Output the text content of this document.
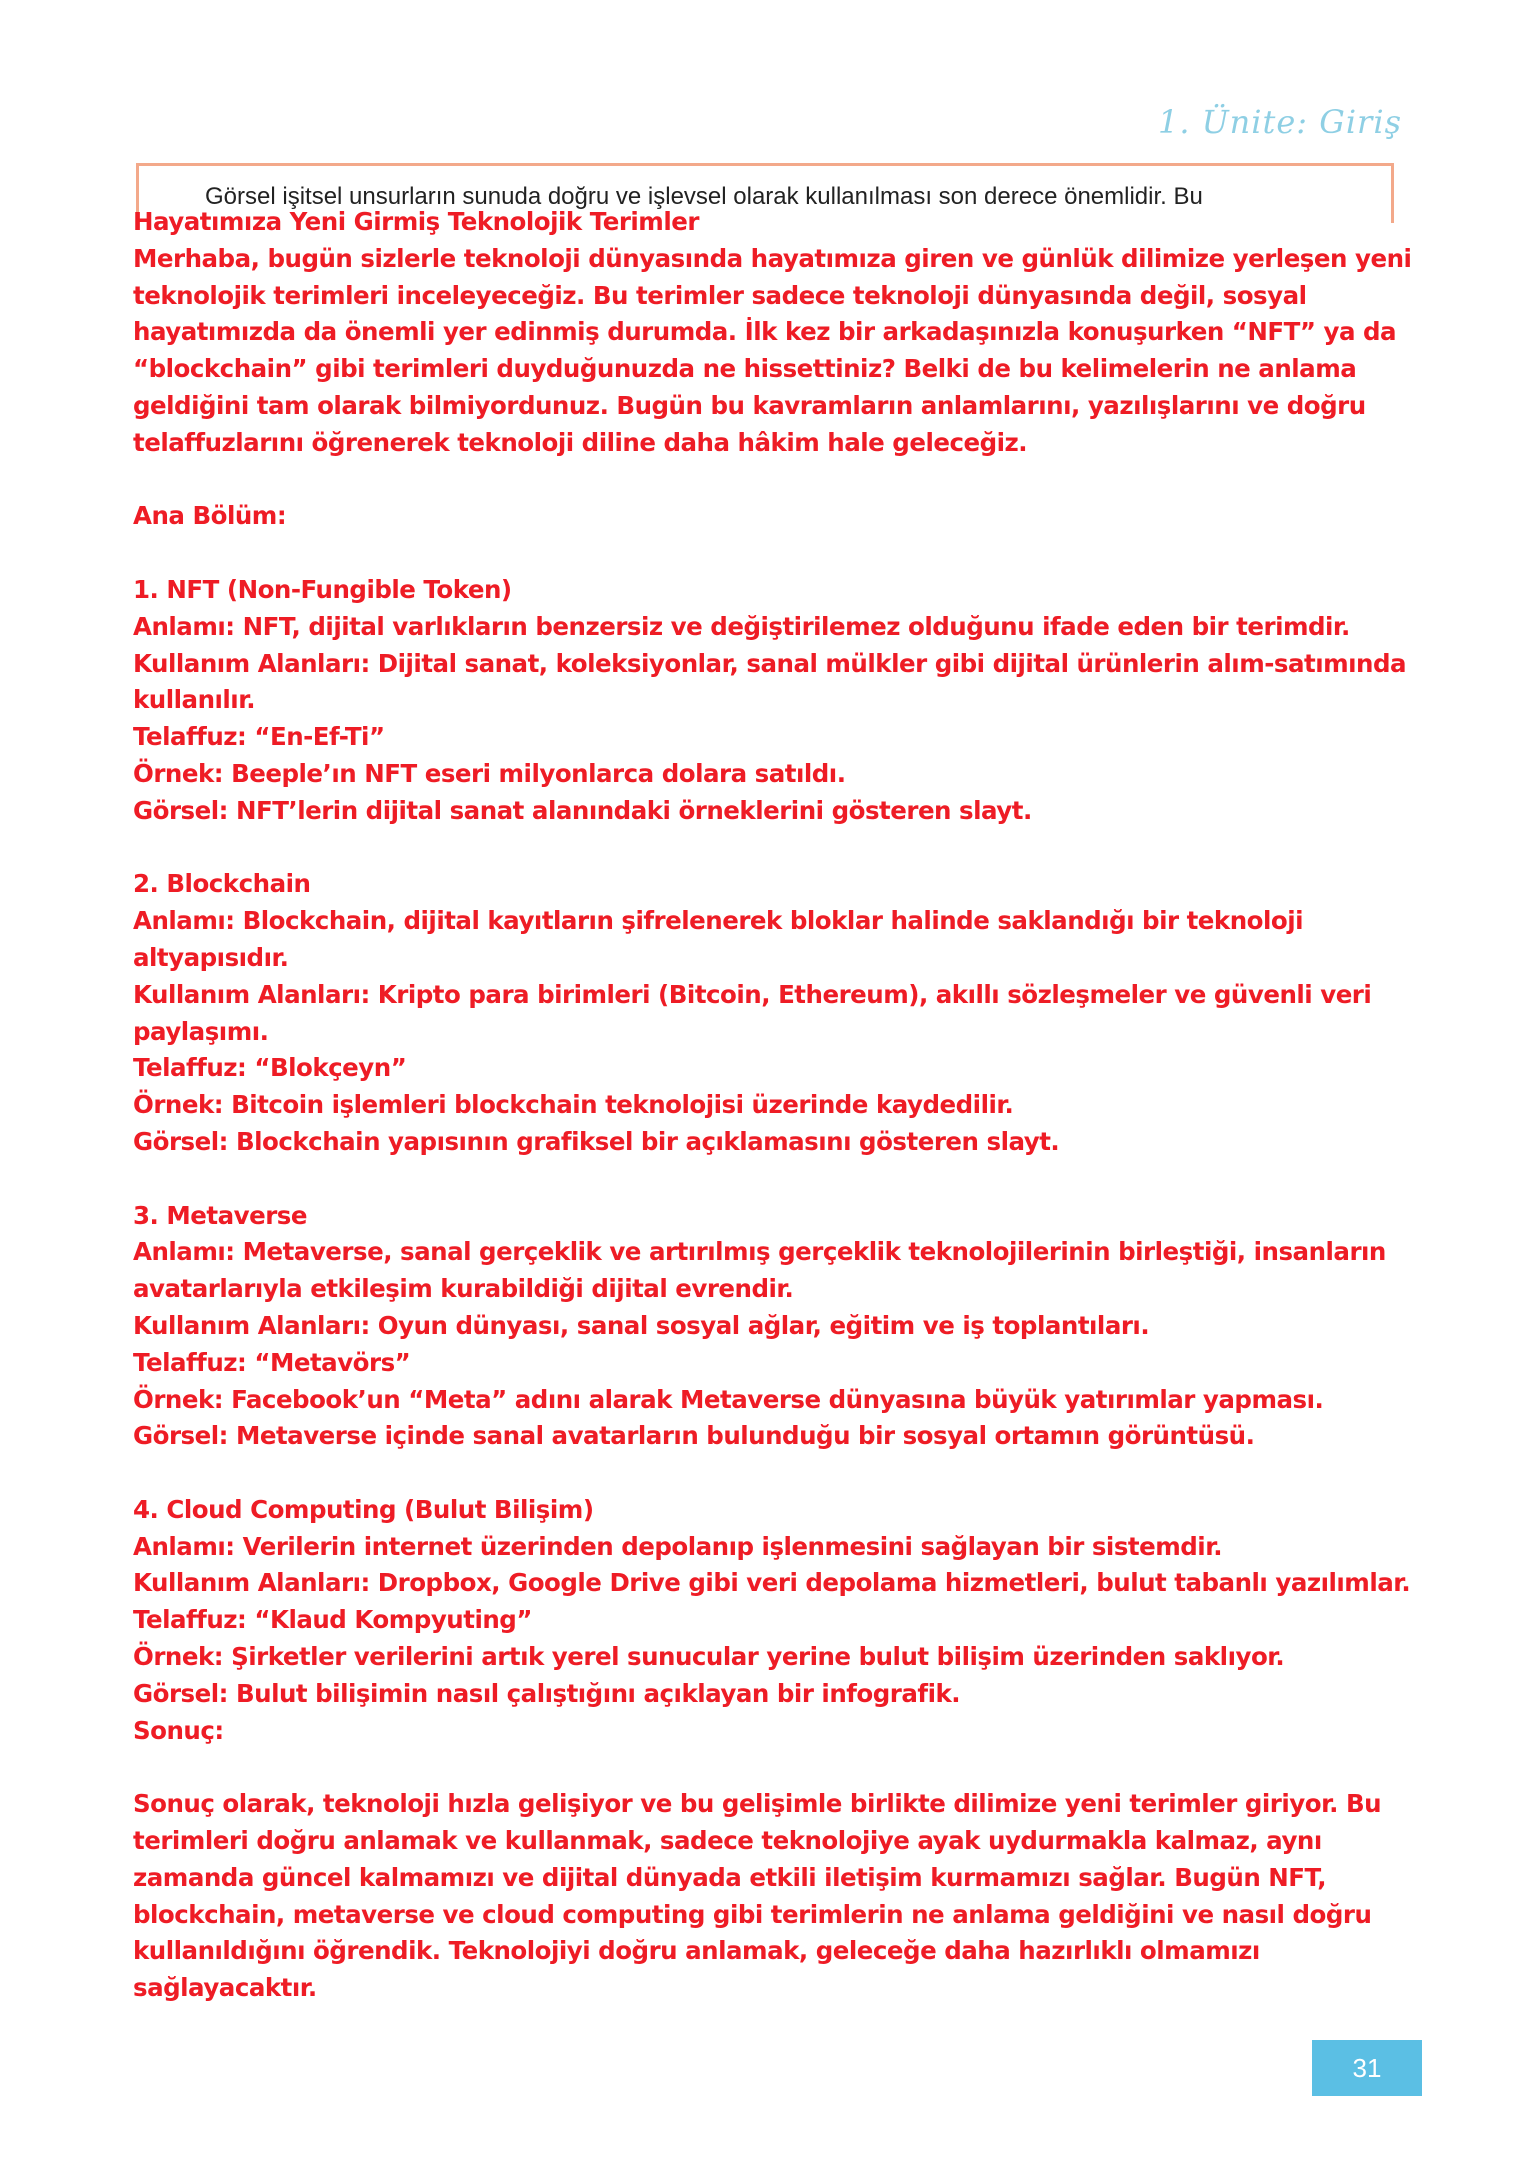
1. Ünite: Giriş
Görsel işitsel unsurların sunuda doğru ve işlevsel olarak kullanılması son derece önemlidir. Bu
Hayatımıza Yeni Girmiş Teknolojik Terimler
Merhaba, bugün sizlerle teknoloji dünyasında hayatımıza giren ve günlük dilimize yerleşen yeni
teknolojik terimleri inceleyeceğiz. Bu terimler sadece teknoloji dünyasında değil, sosyal
hayatımızda da önemli yer edinmiş durumda. İlk kez bir arkadaşınızla konuşurken “NFT” ya da
“blockchain” gibi terimleri duyduğunuzda ne hissettiniz? Belki de bu kelimelerin ne anlama
geldiğini tam olarak bilmiyordunuz. Bugün bu kavramların anlamlarını, yazılışlarını ve doğru
telaffuzlarını öğrenerek teknoloji diline daha hâkim hale geleceğiz.
Ana Bölüm:
1. NFT (Non-Fungible Token)
Anlamı: NFT, dijital varlıkların benzersiz ve değiştirilemez olduğunu ifade eden bir terimdir.
Kullanım Alanları: Dijital sanat, koleksiyonlar, sanal mülkler gibi dijital ürünlerin alım-satımında
kullanılır.
Telaffuz: “En-Ef-Ti”
Örnek: Beeple’ın NFT eseri milyonlarca dolara satıldı.
Görsel: NFT’lerin dijital sanat alanındaki örneklerini gösteren slayt.
2. Blockchain
Anlamı: Blockchain, dijital kayıtların şifrelenerek bloklar halinde saklandığı bir teknoloji
altyapısıdır.
Kullanım Alanları: Kripto para birimleri (Bitcoin, Ethereum), akıllı sözleşmeler ve güvenli veri
paylaşımı.
Telaffuz: “Blokçeyn”
Örnek: Bitcoin işlemleri blockchain teknolojisi üzerinde kaydedilir.
Görsel: Blockchain yapısının grafiksel bir açıklamasını gösteren slayt.
3. Metaverse
Anlamı: Metaverse, sanal gerçeklik ve artırılmış gerçeklik teknolojilerinin birleştiği, insanların
avatarlarıyla etkileşim kurabildiği dijital evrendir.
Kullanım Alanları: Oyun dünyası, sanal sosyal ağlar, eğitim ve iş toplantıları.
Telaffuz: “Metavörs”
Örnek: Facebook’un “Meta” adını alarak Metaverse dünyasına büyük yatırımlar yapması.
Görsel: Metaverse içinde sanal avatarların bulunduğu bir sosyal ortamın görüntüsü.
4. Cloud Computing (Bulut Bilişim)
Anlamı: Verilerin internet üzerinden depolanıp işlenmesini sağlayan bir sistemdir.
Kullanım Alanları: Dropbox, Google Drive gibi veri depolama hizmetleri, bulut tabanlı yazılımlar.
Telaffuz: “Klaud Kompyuting”
Örnek: Şirketler verilerini artık yerel sunucular yerine bulut bilişim üzerinden saklıyor.
Görsel: Bulut bilişimin nasıl çalıştığını açıklayan bir infografik.
Sonuç:
Sonuç olarak, teknoloji hızla gelişiyor ve bu gelişimle birlikte dilimize yeni terimler giriyor. Bu
terimleri doğru anlamak ve kullanmak, sadece teknolojiye ayak uydurmakla kalmaz, aynı
zamanda güncel kalmamızı ve dijital dünyada etkili iletişim kurmamızı sağlar. Bugün NFT,
blockchain, metaverse ve cloud computing gibi terimlerin ne anlama geldiğini ve nasıl doğru
kullanıldığını öğrendik. Teknolojiyi doğru anlamak, geleceğe daha hazırlıklı olmamızı
sağlayacaktır.
31
